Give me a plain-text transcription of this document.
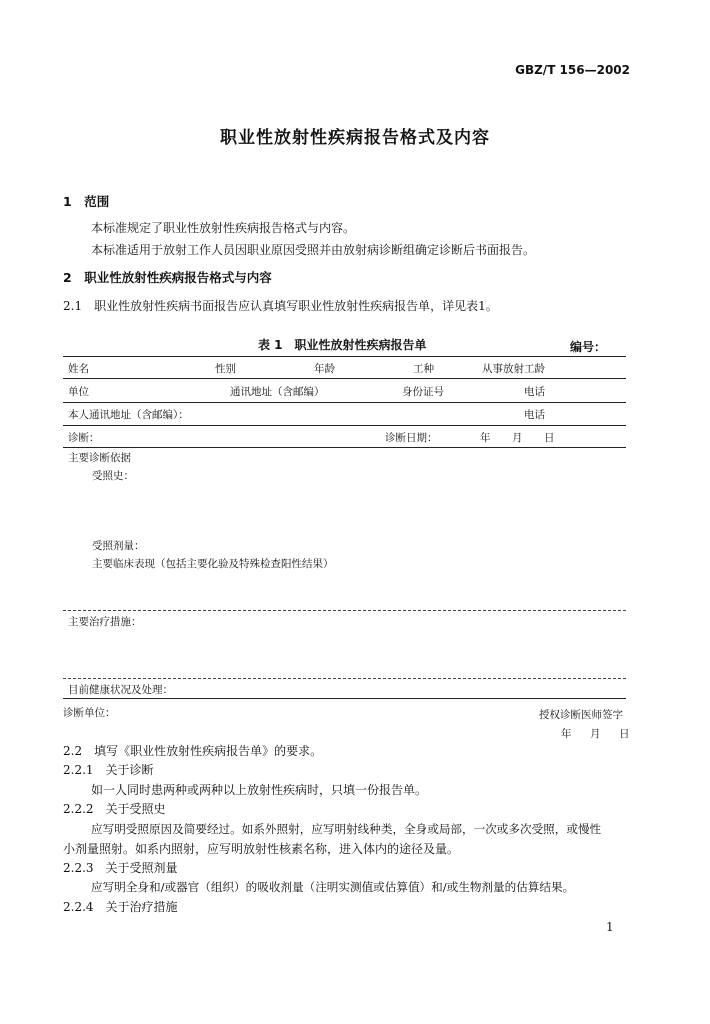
GBZ/T 156—2002
职业性放射性疾病报告格式及内容
1　范围
本标准规定了职业性放射性疾病报告格式与内容。
本标准适用于放射工作人员因职业原因受照并由放射病诊断组确定诊断后书面报告。
2　职业性放射性疾病报告格式与内容
2.1　职业性放射性疾病书面报告应认真填写职业性放射性疾病报告单，详见表1。
表 1　职业性放射性疾病报告单	编号：
姓名	性别	年龄	工种	从事放射工龄
单位	通讯地址（含邮编）	身份证号	电话
本人通讯地址（含邮编）：	电话
诊断：	诊断日期：	年 月 日
主要诊断依据
受照史：
受照剂量：
主要临床表现（包括主要化验及特殊检查阳性结果）
主要治疗措施：
目前健康状况及处理：
诊断单位：	授权诊断医师签字
年 月 日
2.2　填写《职业性放射性疾病报告单》的要求。
2.2.1　关于诊断
如一人同时患两种或两种以上放射性疾病时，只填一份报告单。
2.2.2　关于受照史
应写明受照原因及简要经过。如系外照射，应写明射线种类，全身或局部，一次或多次受照，或慢性
小剂量照射。如系内照射，应写明放射性核素名称，进入体内的途径及量。
2.2.3　关于受照剂量
应写明全身和/或器官（组织）的吸收剂量（注明实测值或估算值）和/或生物剂量的估算结果。
2.2.4　关于治疗措施
1
